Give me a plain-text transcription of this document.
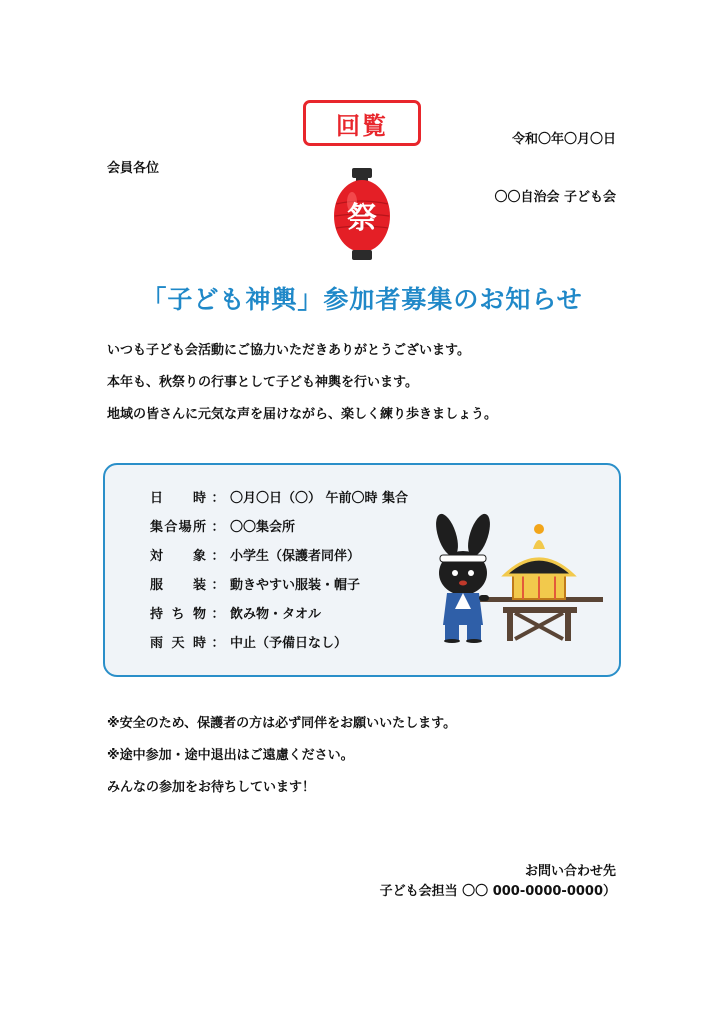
回覧	令和〇年〇月〇日
会員各位
〇〇自治会 子ども会
祭
「子ども神輿」参加者募集のお知らせ

いつも子ども会活動にご協力いただきありがとうございます。

本年も、秋祭りの行事として子ども神輿を行います。

地域の皆さんに元気な声を届けながら、楽しく練り歩きましょう。

日時 ： 〇月〇日（〇） 午前〇時 集合
集合場所 ： 〇〇集会所
対象 ： 小学生（保護者同伴）
服装 ： 動きやすい服装・帽子
持ち物 ： 飲み物・タオル
雨天時 ： 中止（予備日なし）

※安全のため、保護者の方は必ず同伴をお願いいたします。

※途中参加・途中退出はご遠慮ください。

みんなの参加をお待ちしています！

お問い合わせ先
子ども会担当 〇〇 000-0000-0000）
